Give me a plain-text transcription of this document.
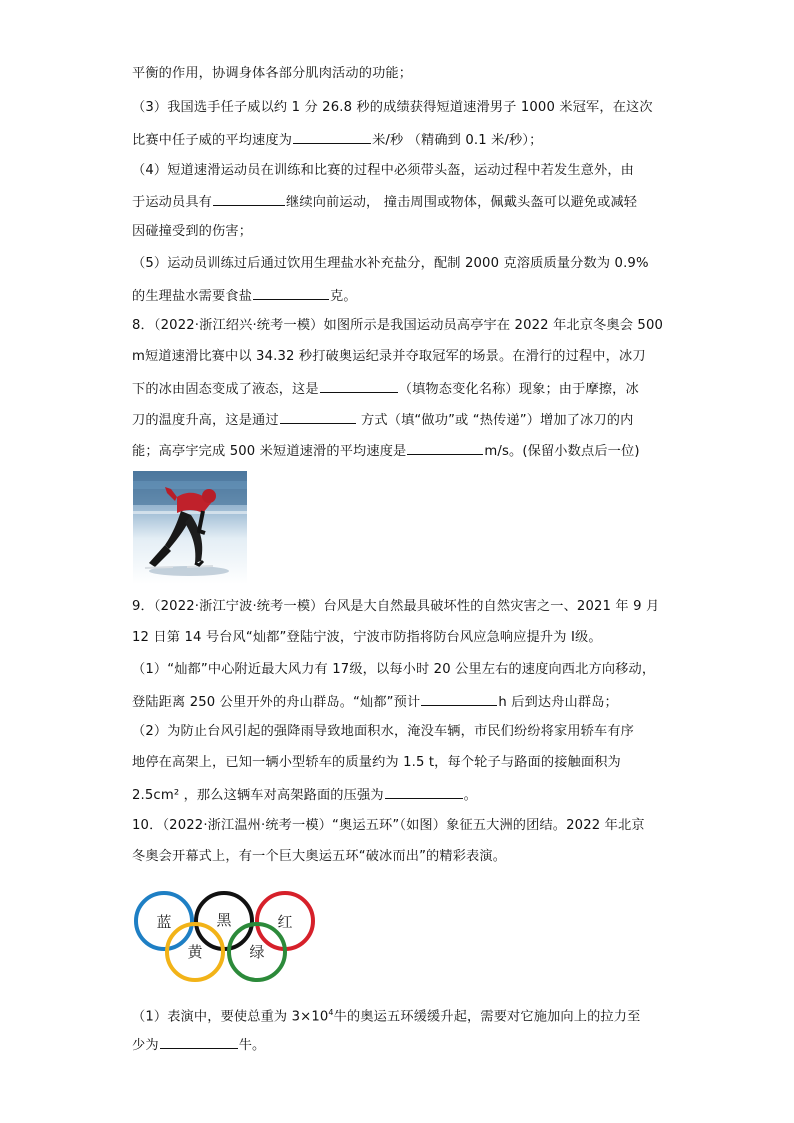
平衡的作用，协调身体各部分肌肉活动的功能；
（3）我国选手任子威以约 1 分 26.8 秒的成绩获得短道速滑男子 1000 米冠军，在这次
比赛中任子威的平均速度为	米/秒 （精确到 0.1 米/秒）；
（4）短道速滑运动员在训练和比赛的过程中必须带头盔，运动过程中若发生意外，由
于运动员具有	继续向前运动， 撞击周围或物体，佩戴头盔可以避免或减轻
因碰撞受到的伤害；
（5）运动员训练过后通过饮用生理盐水补充盐分，配制 2000 克溶质质量分数为 0.9%
的生理盐水需要食盐	克。
8．（2022·浙江绍兴·统考一模）如图所示是我国运动员高亭宇在 2022 年北京冬奥会 500
m短道速滑比赛中以 34.32 秒打破奥运纪录并夺取冠军的场景。在滑行的过程中，冰刀
下的冰由固态变成了液态，这是	（填物态变化名称）现象；由于摩擦，冰
刀的温度升高，这是通过	方式（填“做功”或 “热传递”）增加了冰刀的内
能；高亭宇完成 500 米短道速滑的平均速度是	m/s。(保留小数点后一位)
9．（2022·浙江宁波·统考一模）台风是大自然最具破坏性的自然灾害之一、2021 年 9 月
12 日第 14 号台风“灿都”登陆宁波，宁波市防指将防台风应急响应提升为 I级。
（1）“灿都”中心附近最大风力有 17级，以每小时 20 公里左右的速度向西北方向移动，
登陆距离 250 公里开外的舟山群岛。“灿都”预计	h 后到达舟山群岛；
（2）为防止台风引起的强降雨导致地面积水，淹没车辆，市民们纷纷将家用轿车有序
地停在高架上，已知一辆小型轿车的质量约为 1.5 t，每个轮子与路面的接触面积为
2.5cm² ，那么这辆车对高架路面的压强为	。
10．（2022·浙江温州·统考一模）“奥运五环”（如图）象征五大洲的团结。2022 年北京
冬奥会开幕式上，有一个巨大奥运五环“破冰而出”的精彩表演。
蓝	黑	红
黄	绿
（1）表演中，要使总重为 $3\times 10^4$牛的奥运五环缓缓升起，需要对它施加向上的拉力至
少为	牛。
